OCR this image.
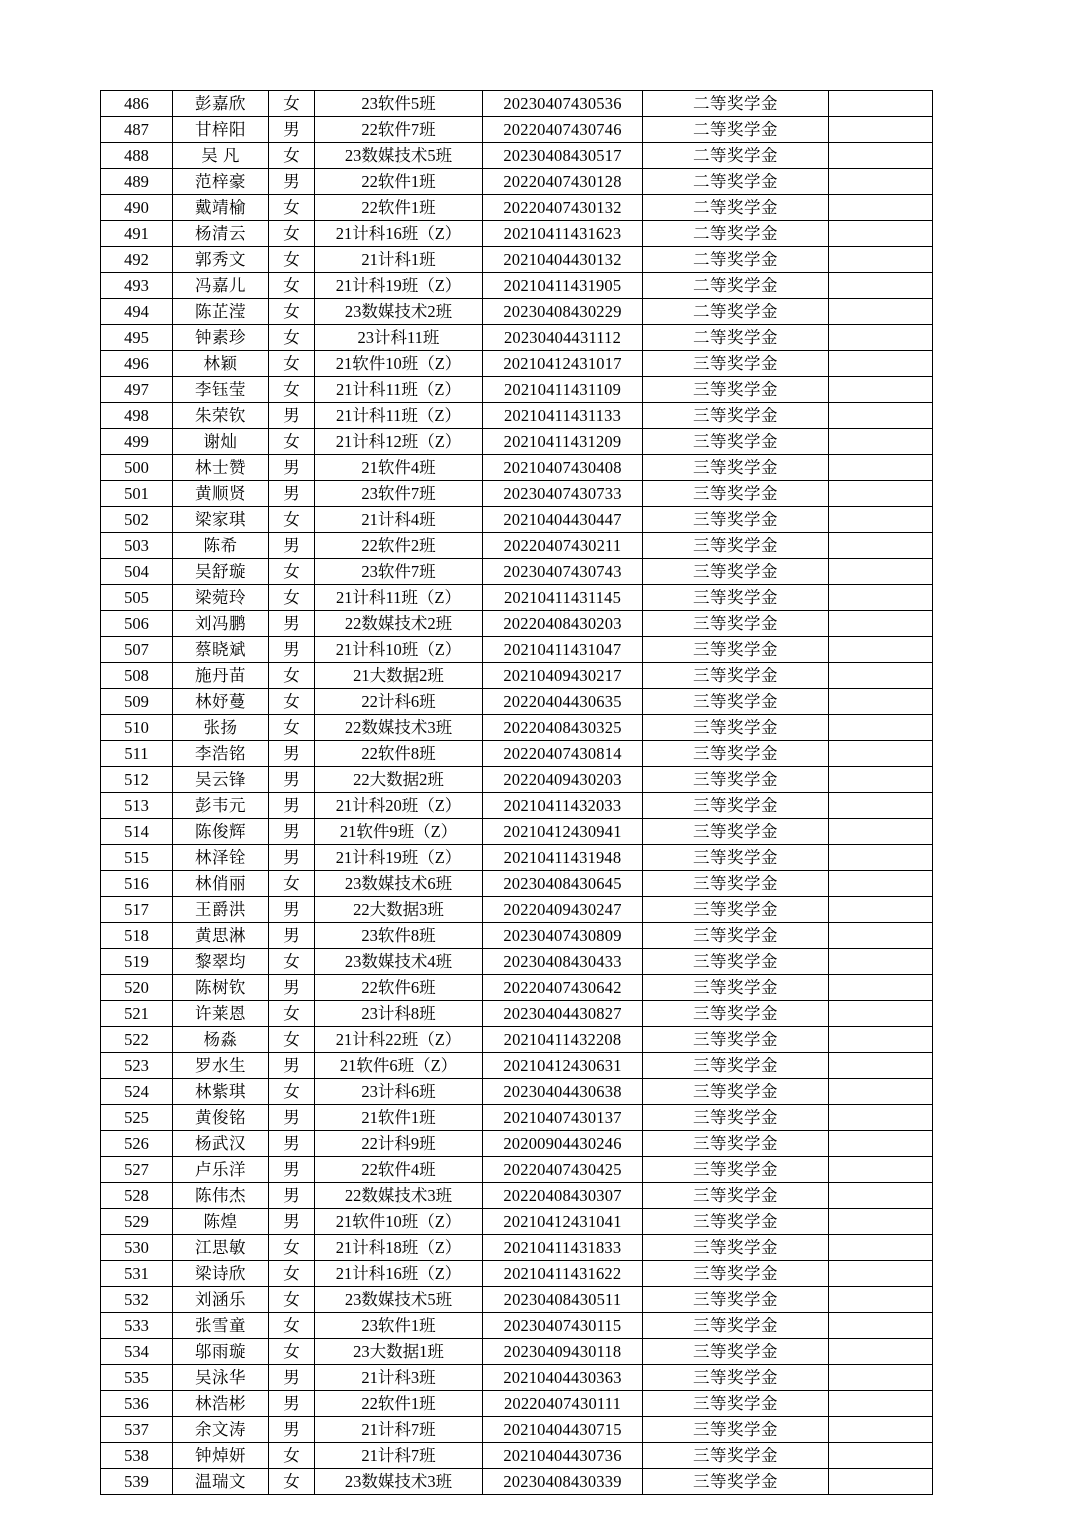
486	彭嘉欣	女	23软件5班	20230407430536	二等奖学金	
487	甘梓阳	男	22软件7班	20220407430746	二等奖学金	
488	吴 凡	女	23数媒技术5班	20230408430517	二等奖学金	
489	范梓豪	男	22软件1班	20220407430128	二等奖学金	
490	戴靖榆	女	22软件1班	20220407430132	二等奖学金	
491	杨清云	女	21计科16班（Z）	20210411431623	二等奖学金	
492	郭秀文	女	21计科1班	20210404430132	二等奖学金	
493	冯嘉儿	女	21计科19班（Z）	20210411431905	二等奖学金	
494	陈芷滢	女	23数媒技术2班	20230408430229	二等奖学金	
495	钟素珍	女	23计科11班	20230404431112	二等奖学金	
496	林颖	女	21软件10班（Z）	20210412431017	三等奖学金	
497	李钰莹	女	21计科11班（Z）	20210411431109	三等奖学金	
498	朱荣钦	男	21计科11班（Z）	20210411431133	三等奖学金	
499	谢灿	女	21计科12班（Z）	20210411431209	三等奖学金	
500	林士赞	男	21软件4班	20210407430408	三等奖学金	
501	黄顺贤	男	23软件7班	20230407430733	三等奖学金	
502	梁家琪	女	21计科4班	20210404430447	三等奖学金	
503	陈希	男	22软件2班	20220407430211	三等奖学金	
504	吴舒璇	女	23软件7班	20230407430743	三等奖学金	
505	梁菀玲	女	21计科11班（Z）	20210411431145	三等奖学金	
506	刘冯鹏	男	22数媒技术2班	20220408430203	三等奖学金	
507	蔡晓斌	男	21计科10班（Z）	20210411431047	三等奖学金	
508	施丹苗	女	21大数据2班	20210409430217	三等奖学金	
509	林妤蔓	女	22计科6班	20220404430635	三等奖学金	
510	张扬	女	22数媒技术3班	20220408430325	三等奖学金	
511	李浩铭	男	22软件8班	20220407430814	三等奖学金	
512	吴云锋	男	22大数据2班	20220409430203	三等奖学金	
513	彭韦元	男	21计科20班（Z）	20210411432033	三等奖学金	
514	陈俊辉	男	21软件9班（Z）	20210412430941	三等奖学金	
515	林泽铨	男	21计科19班（Z）	20210411431948	三等奖学金	
516	林俏丽	女	23数媒技术6班	20230408430645	三等奖学金	
517	王爵洪	男	22大数据3班	20220409430247	三等奖学金	
518	黄思淋	男	23软件8班	20230407430809	三等奖学金	
519	黎翠均	女	23数媒技术4班	20230408430433	三等奖学金	
520	陈树钦	男	22软件6班	20220407430642	三等奖学金	
521	许莱恩	女	23计科8班	20230404430827	三等奖学金	
522	杨淼	女	21计科22班（Z）	20210411432208	三等奖学金	
523	罗水生	男	21软件6班（Z）	20210412430631	三等奖学金	
524	林紫琪	女	23计科6班	20230404430638	三等奖学金	
525	黄俊铭	男	21软件1班	20210407430137	三等奖学金	
526	杨武汉	男	22计科9班	20200904430246	三等奖学金	
527	卢乐洋	男	22软件4班	20220407430425	三等奖学金	
528	陈伟杰	男	22数媒技术3班	20220408430307	三等奖学金	
529	陈煌	男	21软件10班（Z）	20210412431041	三等奖学金	
530	江思敏	女	21计科18班（Z）	20210411431833	三等奖学金	
531	梁诗欣	女	21计科16班（Z）	20210411431622	三等奖学金	
532	刘涵乐	女	23数媒技术5班	20230408430511	三等奖学金	
533	张雪童	女	23软件1班	20230407430115	三等奖学金	
534	邬雨璇	女	23大数据1班	20230409430118	三等奖学金	
535	吴泳华	男	21计科3班	20210404430363	三等奖学金	
536	林浩彬	男	22软件1班	20220407430111	三等奖学金	
537	余文涛	男	21计科7班	20210404430715	三等奖学金	
538	钟焯妍	女	21计科7班	20210404430736	三等奖学金	
539	温瑞文	女	23数媒技术3班	20230408430339	三等奖学金	
